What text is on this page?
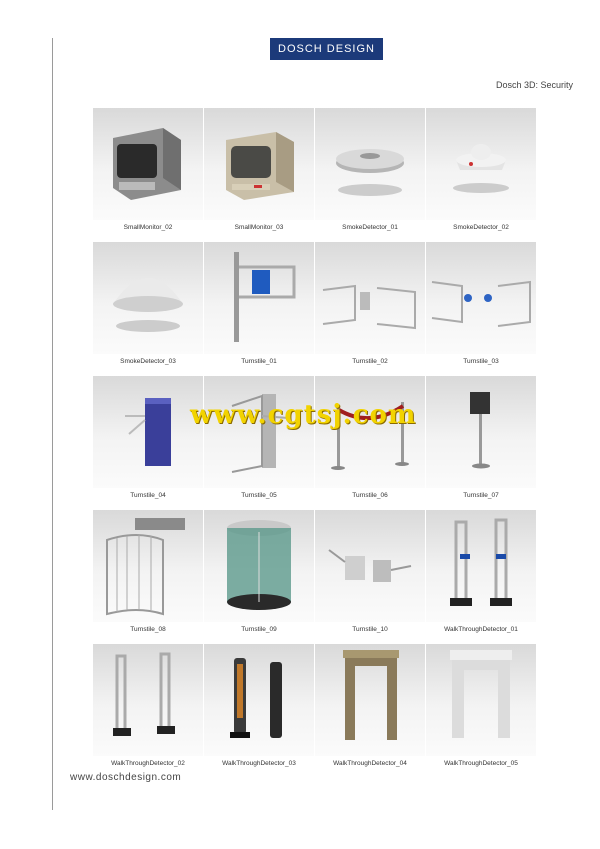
DOSCH DESIGN
Dosch 3D: Security
SmallMonitor_02	SmallMonitor_03	SmokeDetector_01	SmokeDetector_02
SmokeDetector_03	Turnstile_01	Turnstile_02	Turnstile_03
Turnstile_04	Turnstile_05	Turnstile_06	Turnstile_07
Turnstile_08	Turnstile_09	Turnstile_10	WalkThroughDetector_01
WalkThroughDetector_02	WalkThroughDetector_03	WalkThroughDetector_04	WalkThroughDetector_05
www.cgtsj.com
www.doschdesign.com
